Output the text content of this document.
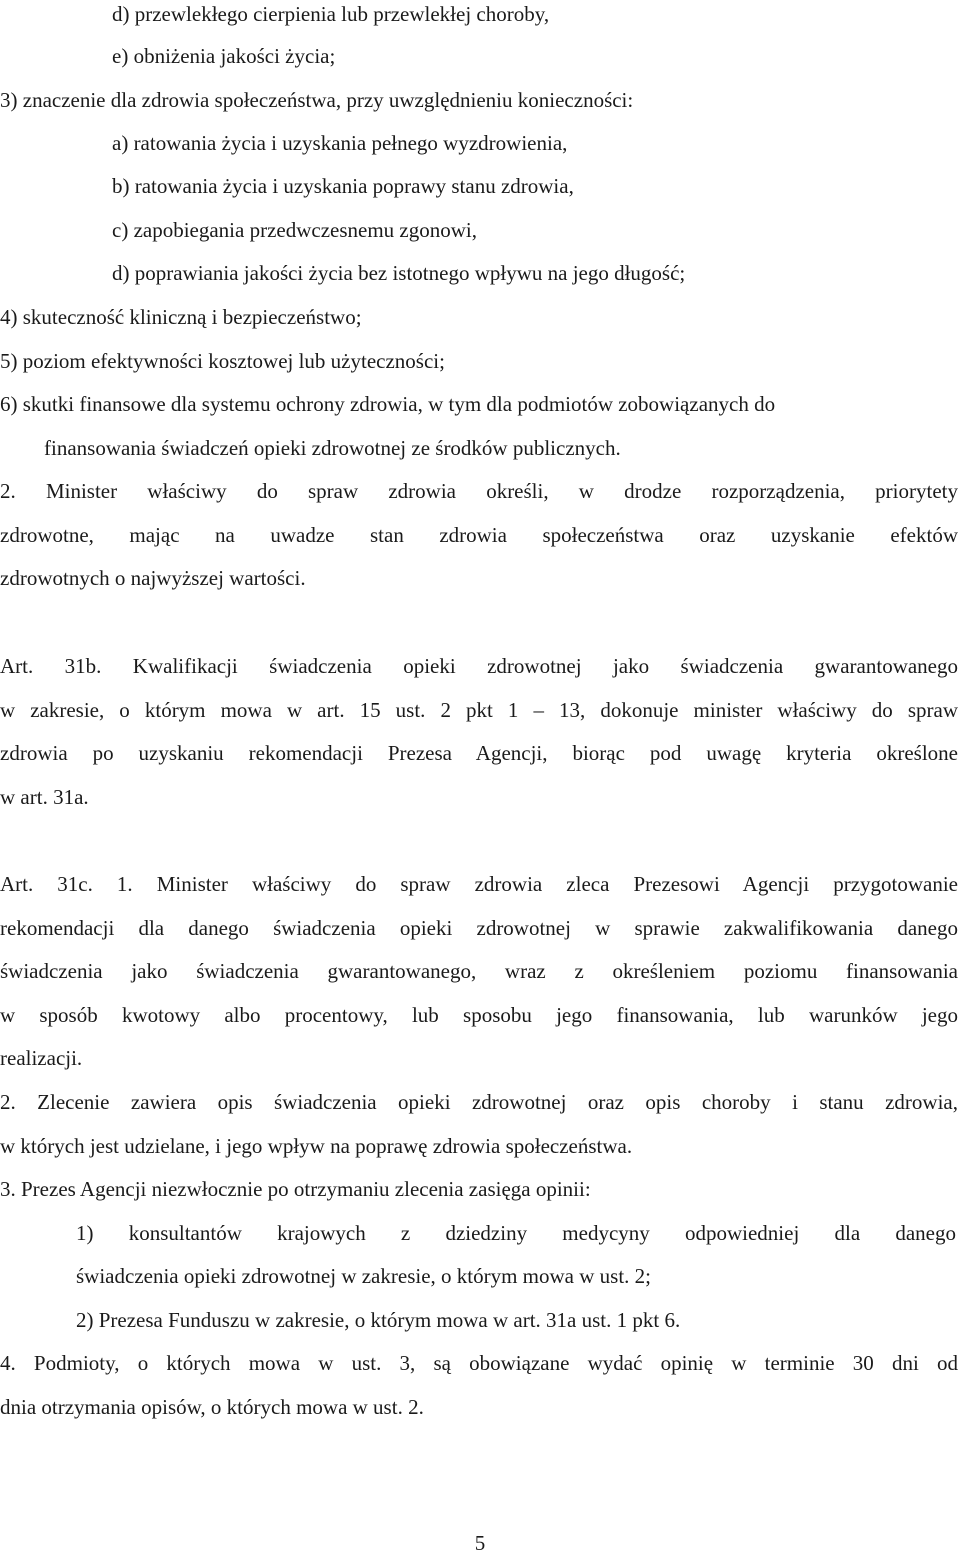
d) przewlekłego cierpienia lub przewlekłej choroby,
e) obniżenia jakości życia;
3) znaczenie dla zdrowia społeczeństwa, przy uwzględnieniu konieczności:
a) ratowania życia i uzyskania pełnego wyzdrowienia,
b) ratowania życia i uzyskania poprawy stanu zdrowia,
c) zapobiegania przedwczesnemu zgonowi,
d) poprawiania jakości życia bez istotnego wpływu na jego długość;
4) skuteczność kliniczną i bezpieczeństwo;
5) poziom efektywności kosztowej lub użyteczności;
6) skutki finansowe dla systemu ochrony zdrowia, w tym dla podmiotów zobowiązanych do
finansowania świadczeń opieki zdrowotnej ze środków publicznych.
2. Minister właściwy do spraw zdrowia określi, w drodze rozporządzenia, priorytety
zdrowotne, mając na uwadze stan zdrowia społeczeństwa oraz uzyskanie efektów
zdrowotnych o najwyższej wartości.
Art. 31b. Kwalifikacji świadczenia opieki zdrowotnej jako świadczenia gwarantowanego
w zakresie, o którym mowa w art. 15 ust. 2 pkt 1 – 13, dokonuje minister właściwy do spraw
zdrowia po uzyskaniu rekomendacji Prezesa Agencji, biorąc pod uwagę kryteria określone
w art. 31a.
Art. 31c. 1. Minister właściwy do spraw zdrowia zleca Prezesowi Agencji przygotowanie
rekomendacji dla danego świadczenia opieki zdrowotnej w sprawie zakwalifikowania danego
świadczenia jako świadczenia gwarantowanego, wraz z określeniem poziomu finansowania
w sposób kwotowy albo procentowy, lub sposobu jego finansowania, lub warunków jego
realizacji.
2. Zlecenie zawiera opis świadczenia opieki zdrowotnej oraz opis choroby i stanu zdrowia,
w których jest udzielane, i jego wpływ na poprawę zdrowia społeczeństwa.
3. Prezes Agencji niezwłocznie po otrzymaniu zlecenia zasięga opinii:
1) konsultantów krajowych z dziedziny medycyny odpowiedniej dla danego
świadczenia opieki zdrowotnej w zakresie, o którym mowa w ust. 2;
2) Prezesa Funduszu w zakresie, o którym mowa w art. 31a ust. 1 pkt 6.
4. Podmioty, o których mowa w ust. 3, są obowiązane wydać opinię w terminie 30 dni od
dnia otrzymania opisów, o których mowa w ust. 2.
5
